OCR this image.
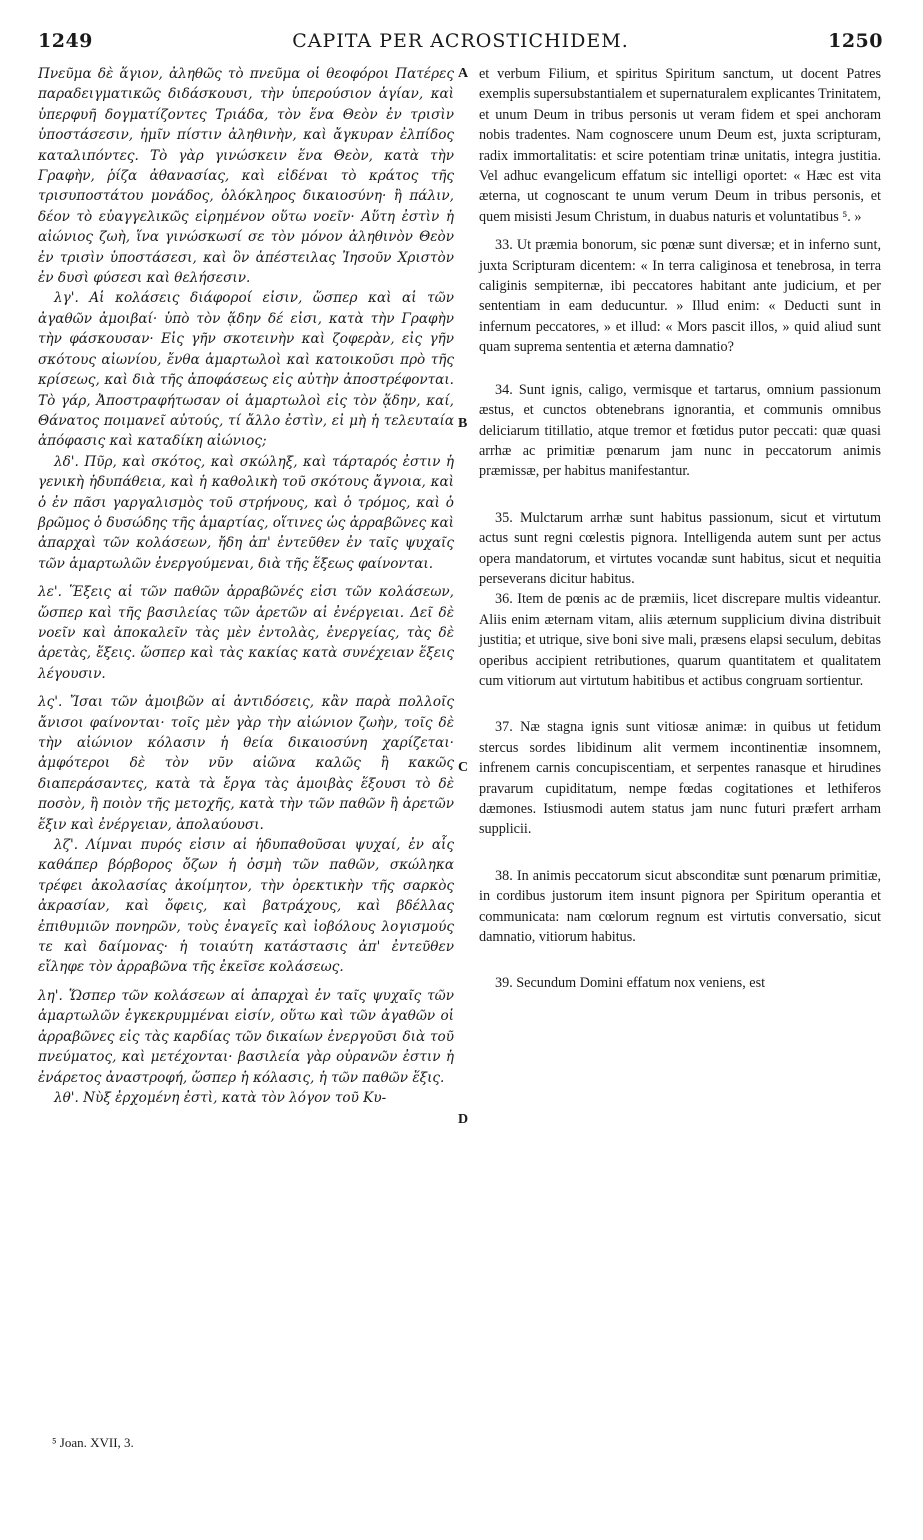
1249	CAPITA PER ACROSTICHIDEM.	1250

Πνεῦμα δὲ ἅγιον, ἀληθῶς τὸ πνεῦμα οἱ θεοφόροι Πατέρες παραδειγματικῶς διδάσκουσι, τὴν ὑπερούσιον ἁγίαν, καὶ ὑπερφυῆ δογματίζοντες Τριάδα, τὸν ἕνα Θεὸν ἐν τρισὶν ὑποστάσεσιν, ἡμῖν πίστιν ἀληθινὴν, καὶ ἄγκυραν ἐλπίδος καταλιπόντες. Τὸ γὰρ γινώσκειν ἕνα Θεὸν, κατὰ τὴν Γραφὴν, ῥίζα ἀθανασίας, καὶ εἰδέναι τὸ κράτος τῆς τρισυποστάτου μονάδος, ὁλόκληρος δικαιοσύνη· ἢ πάλιν, δέον τὸ εὐαγγελικῶς εἰρημένον οὕτω νοεῖν· Αὕτη ἐστὶν ἡ αἰώνιος ζωὴ, ἵνα γινώσκωσί σε τὸν μόνον ἀληθινὸν Θεὸν ἐν τρισὶν ὑποστάσεσι, καὶ ὃν ἀπέστειλας Ἰησοῦν Χριστὸν ἐν δυσὶ φύσεσι καὶ θελήσεσιν.

λγ'. Αἱ κολάσεις διάφοροί εἰσιν, ὥσπερ καὶ αἱ τῶν ἀγαθῶν ἀμοιβαί· ὑπὸ τὸν ᾅδην δέ εἰσι, κατὰ τὴν Γραφὴν τὴν φάσκουσαν· Εἰς γῆν σκοτεινὴν καὶ ζοφερὰν, εἰς γῆν σκότους αἰωνίου, ἔνθα ἁμαρτωλοὶ καὶ κατοικοῦσι πρὸ τῆς κρίσεως, καὶ διὰ τῆς ἀποφάσεως εἰς αὐτὴν ἀποστρέφονται. Τὸ γάρ, Ἀποστραφήτωσαν οἱ ἁμαρτωλοὶ εἰς τὸν ᾅδην, καί, Θάνατος ποιμανεῖ αὐτούς, τί ἄλλο ἐστὶν, εἰ μὴ ἡ τελευταία ἀπόφασις καὶ καταδίκη αἰώνιος;

λδ'. Πῦρ, καὶ σκότος, καὶ σκώληξ, καὶ τάρταρός ἐστιν ἡ γενικὴ ἡδυπάθεια, καὶ ἡ καθολικὴ τοῦ σκότους ἄγνοια, καὶ ὁ ἐν πᾶσι γαργαλισμὸς τοῦ στρήνους, καὶ ὁ τρόμος, καὶ ὁ βρῶμος ὁ δυσώδης τῆς ἁμαρτίας, οἵτινες ὡς ἀρραβῶνες καὶ ἀπαρχαὶ τῶν κολάσεων, ἤδη ἀπ' ἐντεῦθεν ἐν ταῖς ψυχαῖς τῶν ἁμαρτωλῶν ἐνεργούμεναι, διὰ τῆς ἕξεως φαίνονται.

λε'. Ἕξεις αἱ τῶν παθῶν ἀρραβῶνές εἰσι τῶν κολάσεων, ὥσπερ καὶ τῆς βασιλείας τῶν ἀρετῶν αἱ ἐνέργειαι. Δεῖ δὲ νοεῖν καὶ ἀποκαλεῖν τὰς μὲν ἐντολὰς, ἐνεργείας, τὰς δὲ ἀρετὰς, ἕξεις. ὥσπερ καὶ τὰς κακίας κατὰ συνέχειαν ἕξεις λέγουσιν.

λς'. Ἴσαι τῶν ἀμοιβῶν αἱ ἀντιδόσεις, κἂν παρὰ πολλοῖς ἄνισοι φαίνονται· τοῖς μὲν γὰρ τὴν αἰώνιον ζωὴν, τοῖς δὲ τὴν αἰώνιον κόλασιν ἡ θεία δικαιοσύνη χαρίζεται· ἀμφότεροι δὲ τὸν νῦν αἰῶνα καλῶς ἢ κακῶς διαπεράσαντες, κατὰ τὰ ἔργα τὰς ἀμοιβὰς ἕξουσι τὸ δὲ ποσὸν, ἢ ποιὸν τῆς μετοχῆς, κατὰ τὴν τῶν παθῶν ἢ ἀρετῶν ἕξιν καὶ ἐνέργειαν, ἀπολαύουσι.

λζ'. Λίμναι πυρός εἰσιν αἱ ἡδυπαθοῦσαι ψυχαί, ἐν αἷς καθάπερ βόρβορος ὄζων ἡ ὀσμὴ τῶν παθῶν, σκώληκα τρέφει ἀκολασίας ἀκοίμητον, τὴν ὀρεκτικὴν τῆς σαρκὸς ἀκρασίαν, καὶ ὄφεις, καὶ βατράχους, καὶ βδέλλας ἐπιθυμιῶν πονηρῶν, τοὺς ἐναγεῖς καὶ ἰοβόλους λογισμούς τε καὶ δαίμονας· ἡ τοιαύτη κατάστασις ἀπ' ἐντεῦθεν εἴληφε τὸν ἀρραβῶνα τῆς ἐκεῖσε κολάσεως.

λη'. Ὥσπερ τῶν κολάσεων αἱ ἀπαρχαὶ ἐν ταῖς ψυχαῖς τῶν ἁμαρτωλῶν ἐγκεκρυμμέναι εἰσίν, οὕτω καὶ τῶν ἀγαθῶν οἱ ἀρραβῶνες εἰς τὰς καρδίας τῶν δικαίων ἐνεργοῦσι διὰ τοῦ πνεύματος, καὶ μετέχονται· βασιλεία γὰρ οὐρανῶν ἐστιν ἡ ἐνάρετος ἀναστροφή, ὥσπερ ἡ κόλασις, ἡ τῶν παθῶν ἕξις.

λθ'. Νὺξ ἐρχομένη ἐστὶ, κατὰ τὸν λόγον τοῦ Κυ-

A
B
C
D

et verbum Filium, et spiritus Spiritum sanctum, ut docent Patres exemplis supersubstantialem et supernaturalem explicantes Trinitatem, et unum Deum in tribus personis ut veram fidem et spei anchoram nobis tradentes. Nam cognoscere unum Deum est, juxta scripturam, radix immortalitatis: et scire potentiam trinæ unitatis, integra justitia. Vel adhuc evangelicum effatum sic intelligi oportet: « Hæc est vita æterna, ut cognoscant te unum verum Deum in tribus personis, et quem misisti Jesum Christum, in duabus naturis et voluntatibus ⁵. »

33. Ut præmia bonorum, sic pœnæ sunt diversæ; et in inferno sunt, juxta Scripturam dicentem: « In terra caliginosa et tenebrosa, in terra caliginis sempiternæ, ibi peccatores habitant ante judicium, et per sententiam in eam deducuntur. » Illud enim: « Deducti sunt in infernum peccatores, » et illud: « Mors pascit illos, » quid aliud sunt quam suprema sententia et æterna damnatio?

34. Sunt ignis, caligo, vermisque et tartarus, omnium passionum æstus, et cunctos obtenebrans ignorantia, et communis omnibus deliciarum titillatio, atque tremor et fœtidus putor peccati: quæ quasi arrhæ ac primitiæ pœnarum jam nunc in peccatorum animis præmissæ, per habitus manifestantur.

35. Mulctarum arrhæ sunt habitus passionum, sicut et virtutum actus sunt regni cœlestis pignora. Intelligenda autem sunt per actus opera mandatorum, et virtutes vocandæ sunt habitus, sicut et nequitia perseverans dicitur habitus.

36. Item de pœnis ac de præmiis, licet discrepare multis videantur. Aliis enim æternam vitam, aliis æternum supplicium divina distribuit justitia; et utrique, sive boni sive mali, præsens elapsi seculum, debitas operibus accipient retributiones, quarum quantitatem et qualitatem cum vitiorum aut virtutum habitibus et actibus congruam sortientur.

37. Næ stagna ignis sunt vitiosæ animæ: in quibus ut fetidum stercus sordes libidinum alit vermem incontinentiæ insomnem, infrenem carnis concupiscentiam, et serpentes ranasque et hirudines pravarum cupiditatum, nempe fœdas cogitationes et lethiferos dæmones. Istiusmodi autem status jam nunc futuri præfert arrham supplicii.

38. In animis peccatorum sicut absconditæ sunt pœnarum primitiæ, in cordibus justorum item insunt pignora per Spiritum operantia et communicata: nam cœlorum regnum est virtutis conversatio, sicut damnatio, vitiorum habitus.

39. Secundum Domini effatum nox veniens, est

⁵ Joan. XVII, 3.
